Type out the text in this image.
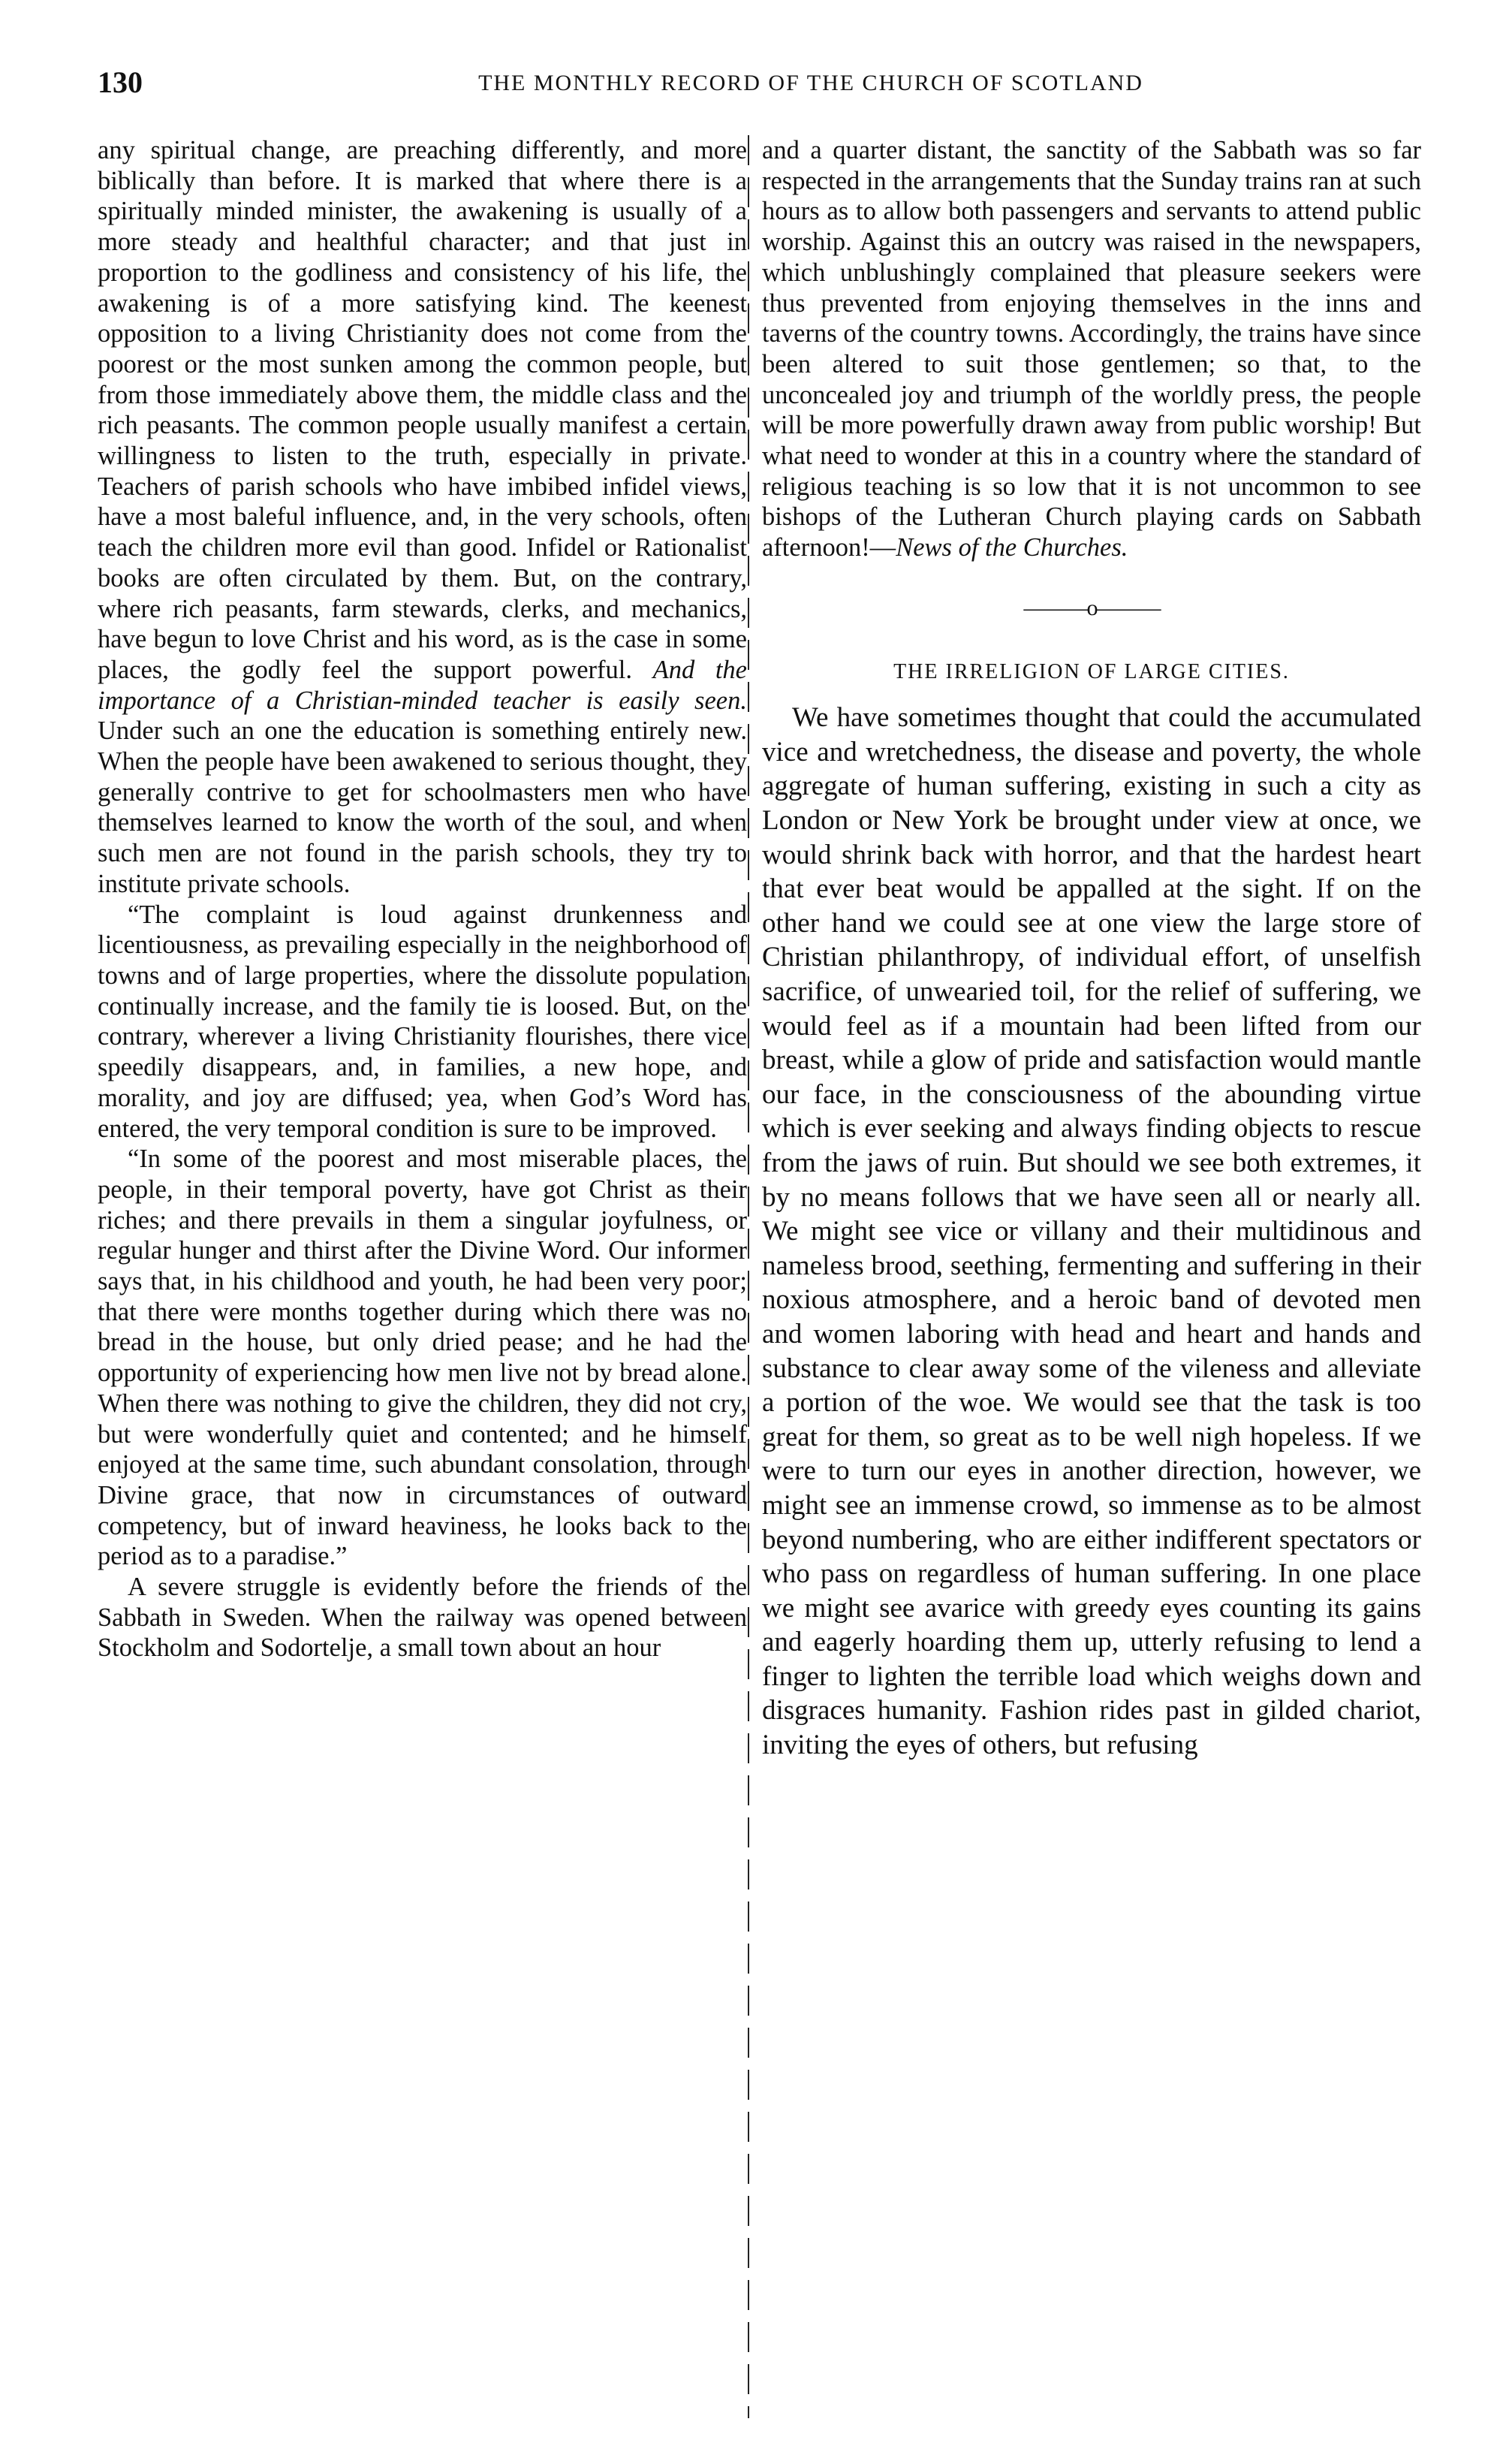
130	THE MONTHLY RECORD OF THE CHURCH OF SCOTLAND

any spiritual change, are preaching differently, and more biblically than before. It is marked that where there is a spiritually minded minister, the awakening is usually of a more steady and healthful character; and that just in proportion to the godliness and consistency of his life, the awakening is of a more satisfying kind. The keenest opposition to a living Christianity does not come from the poorest or the most sunken among the common people, but from those immediately above them, the middle class and the rich peasants. The common people usually manifest a certain willingness to listen to the truth, especially in private. Teachers of parish schools who have imbibed infidel views, have a most baleful influence, and, in the very schools, often teach the children more evil than good. Infidel or Rationalist books are often circulated by them. But, on the contrary, where rich peasants, farm stewards, clerks, and mechanics, have begun to love Christ and his word, as is the case in some places, the godly feel the support powerful. And the importance of a Christian-minded teacher is easily seen. Under such an one the education is something entirely new. When the people have been awakened to serious thought, they generally contrive to get for schoolmasters men who have themselves learned to know the worth of the soul, and when such men are not found in the parish schools, they try to institute private schools.

“The complaint is loud against drunkenness and licentiousness, as prevailing especially in the neighborhood of towns and of large properties, where the dissolute population continually increase, and the family tie is loosed. But, on the contrary, wherever a living Christianity flourishes, there vice speedily disappears, and, in families, a new hope, and morality, and joy are diffused; yea, when God’s Word has entered, the very temporal condition is sure to be improved.

“In some of the poorest and most miserable places, the people, in their temporal poverty, have got Christ as their riches; and there prevails in them a singular joyfulness, or regular hunger and thirst after the Divine Word. Our informer says that, in his childhood and youth, he had been very poor; that there were months together during which there was no bread in the house, but only dried pease; and he had the opportunity of experiencing how men live not by bread alone. When there was nothing to give the children, they did not cry, but were wonderfully quiet and contented; and he himself enjoyed at the same time, such abundant consolation, through Divine grace, that now in circumstances of outward competency, but of inward heaviness, he looks back to the period as to a paradise.”

A severe struggle is evidently before the friends of the Sabbath in Sweden. When the railway was opened between Stockholm and Sodortelje, a small town about an hour

and a quarter distant, the sanctity of the Sabbath was so far respected in the arrangements that the Sunday trains ran at such hours as to allow both passengers and servants to attend public worship. Against this an outcry was raised in the newspapers, which unblushingly complained that pleasure seekers were thus prevented from enjoying themselves in the inns and taverns of the country towns. Accordingly, the trains have since been altered to suit those gentlemen; so that, to the unconcealed joy and triumph of the worldly press, the people will be more powerfully drawn away from public worship! But what need to wonder at this in a country where the standard of religious teaching is so low that it is not uncommon to see bishops of the Lutheran Church playing cards on Sabbath afternoon!—News of the Churches.

———o———
THE IRRELIGION OF LARGE CITIES.

We have sometimes thought that could the accumulated vice and wretchedness, the disease and poverty, the whole aggregate of human suffering, existing in such a city as London or New York be brought under view at once, we would shrink back with horror, and that the hardest heart that ever beat would be appalled at the sight. If on the other hand we could see at one view the large store of Christian philanthropy, of individual effort, of unselfish sacrifice, of unwearied toil, for the relief of suffering, we would feel as if a mountain had been lifted from our breast, while a glow of pride and satisfaction would mantle our face, in the consciousness of the abounding virtue which is ever seeking and always finding objects to rescue from the jaws of ruin. But should we see both extremes, it by no means follows that we have seen all or nearly all. We might see vice or villany and their multidinous and nameless brood, seething, fermenting and suffering in their noxious atmosphere, and a heroic band of devoted men and women laboring with head and heart and hands and substance to clear away some of the vileness and alleviate a portion of the woe. We would see that the task is too great for them, so great as to be well nigh hopeless. If we were to turn our eyes in another direction, however, we might see an immense crowd, so immense as to be almost beyond numbering, who are either indifferent spectators or who pass on regardless of human suffering. In one place we might see avarice with greedy eyes counting its gains and eagerly hoarding them up, utterly refusing to lend a finger to lighten the terrible load which weighs down and disgraces humanity. Fashion rides past in gilded chariot, inviting the eyes of others, but refusing
